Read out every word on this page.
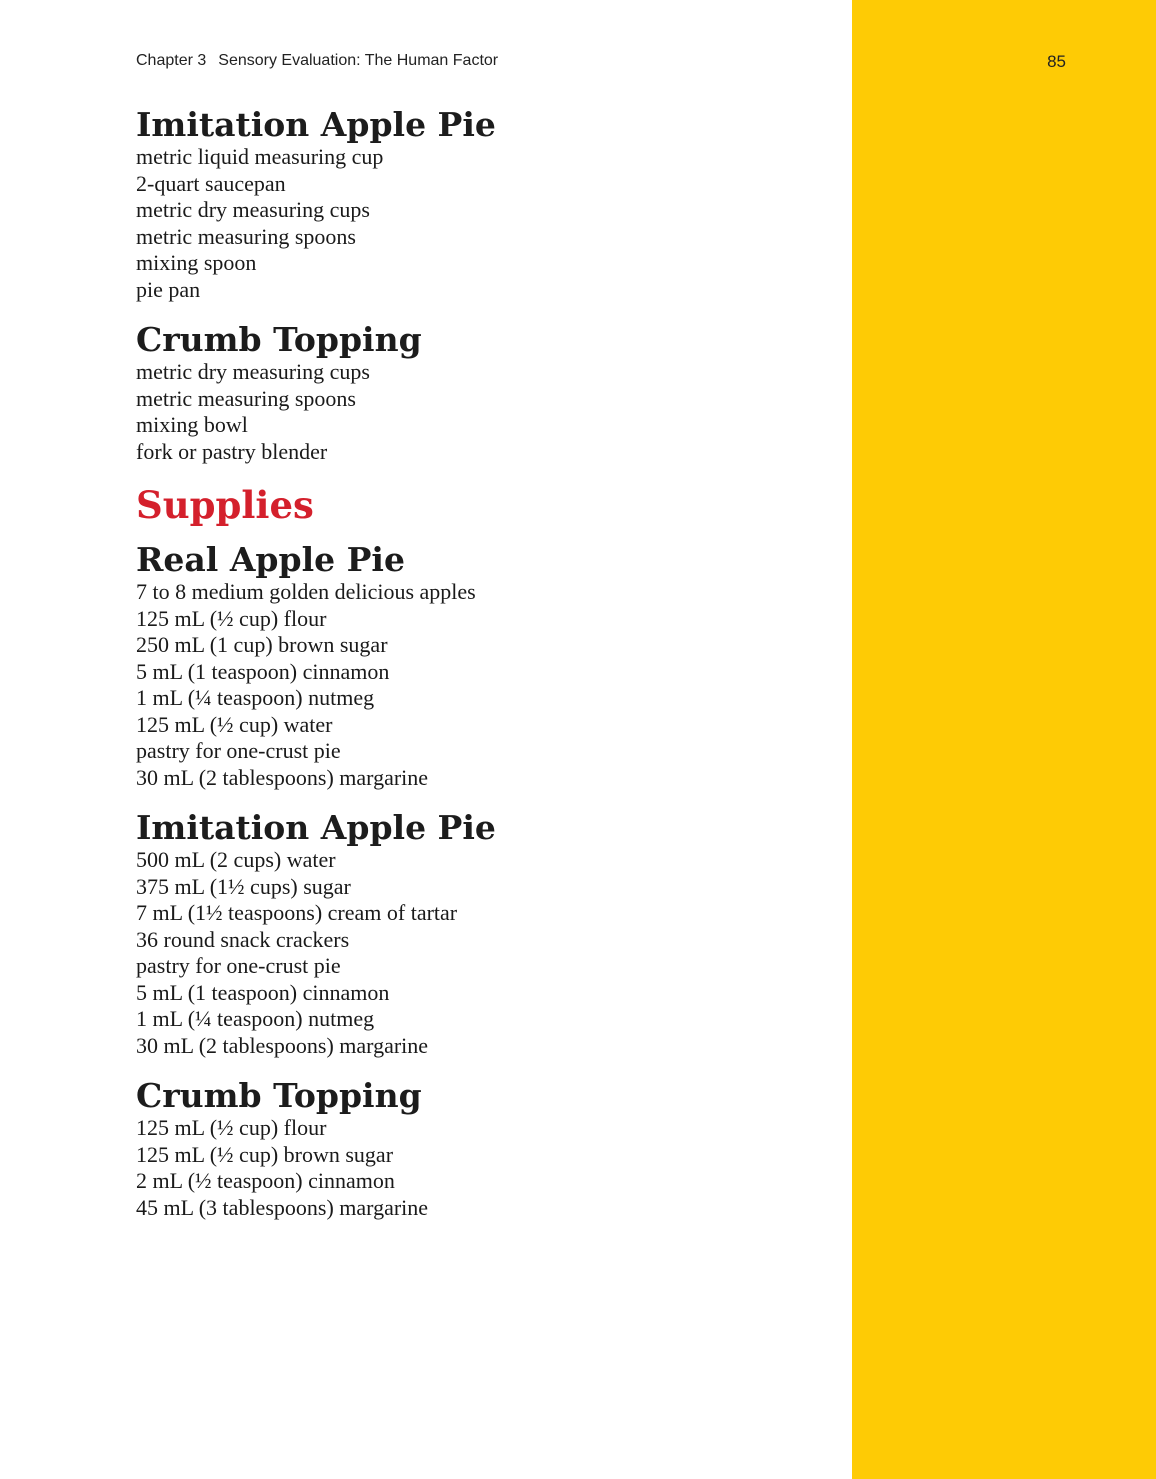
Chapter 3 Sensory Evaluation: The Human Factor	85
Imitation Apple Pie
metric liquid measuring cup
2-quart saucepan
metric dry measuring cups
metric measuring spoons
mixing spoon
pie pan
Crumb Topping
metric dry measuring cups
metric measuring spoons
mixing bowl
fork or pastry blender
Supplies
Real Apple Pie
7 to 8 medium golden delicious apples
125 mL (½ cup) flour
250 mL (1 cup) brown sugar
5 mL (1 teaspoon) cinnamon
1 mL (¼ teaspoon) nutmeg
125 mL (½ cup) water
pastry for one-crust pie
30 mL (2 tablespoons) margarine
Imitation Apple Pie
500 mL (2 cups) water
375 mL (1½ cups) sugar
7 mL (1½ teaspoons) cream of tartar
36 round snack crackers
pastry for one-crust pie
5 mL (1 teaspoon) cinnamon
1 mL (¼ teaspoon) nutmeg
30 mL (2 tablespoons) margarine
Crumb Topping
125 mL (½ cup) flour
125 mL (½ cup) brown sugar
2 mL (½ teaspoon) cinnamon
45 mL (3 tablespoons) margarine
